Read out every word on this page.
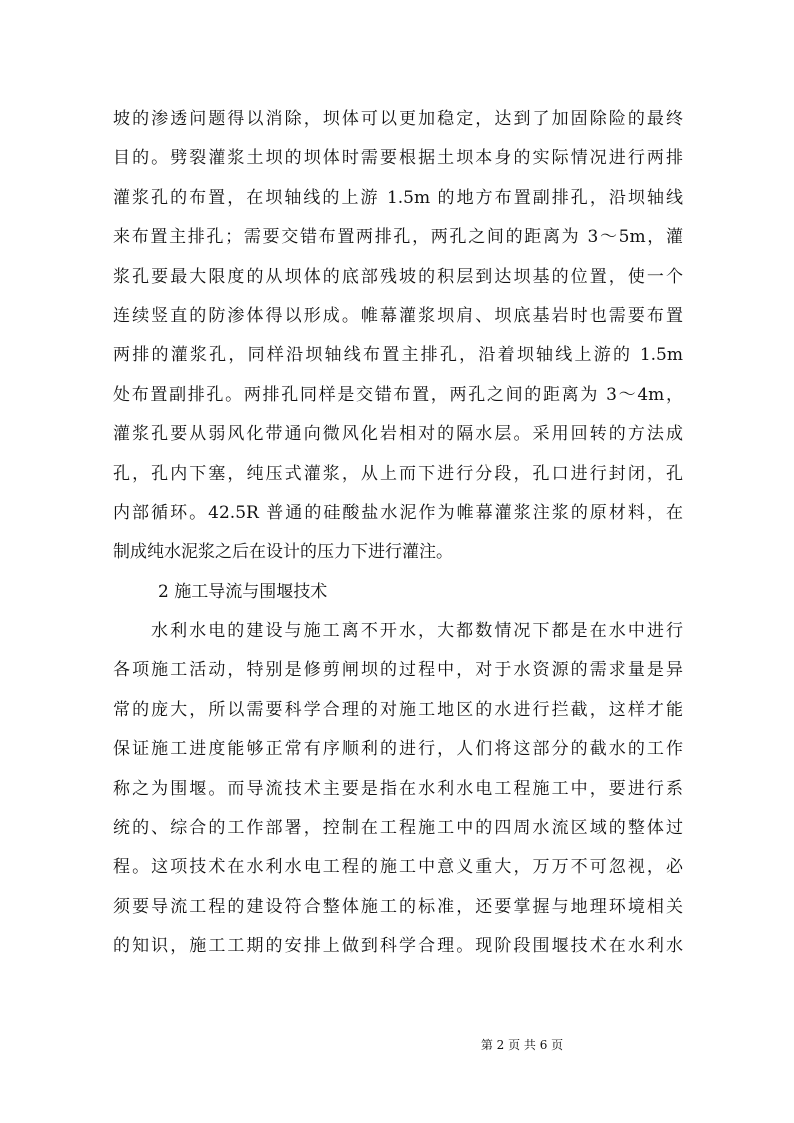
坡的渗透问题得以消除，坝体可以更加稳定，达到了加固除险的最终
目的。劈裂灌浆土坝的坝体时需要根据土坝本身的实际情况进行两排
灌浆孔的布置，在坝轴线的上游 1.5m 的地方布置副排孔，沿坝轴线
来布置主排孔；需要交错布置两排孔，两孔之间的距离为 3～5m，灌
浆孔要最大限度的从坝体的底部残坡的积层到达坝基的位置，使一个
连续竖直的防渗体得以形成。帷幕灌浆坝肩、坝底基岩时也需要布置
两排的灌浆孔，同样沿坝轴线布置主排孔，沿着坝轴线上游的 1.5m
处布置副排孔。两排孔同样是交错布置，两孔之间的距离为 3～4m，
灌浆孔要从弱风化带通向微风化岩相对的隔水层。采用回转的方法成
孔，孔内下塞，纯压式灌浆，从上而下进行分段，孔口进行封闭，孔
内部循环。42.5R 普通的硅酸盐水泥作为帷幕灌浆注浆的原材料，在
制成纯水泥浆之后在设计的压力下进行灌注。
2 施工导流与围堰技术
水利水电的建设与施工离不开水，大都数情况下都是在水中进行
各项施工活动，特别是修剪闸坝的过程中，对于水资源的需求量是异
常的庞大，所以需要科学合理的对施工地区的水进行拦截，这样才能
保证施工进度能够正常有序顺利的进行，人们将这部分的截水的工作
称之为围堰。而导流技术主要是指在水利水电工程施工中，要进行系
统的、综合的工作部署，控制在工程施工中的四周水流区域的整体过
程。这项技术在水利水电工程的施工中意义重大，万万不可忽视，必
须要导流工程的建设符合整体施工的标准，还要掌握与地理环境相关
的知识，施工工期的安排上做到科学合理。现阶段围堰技术在水利水
第 2 页 共 6 页
